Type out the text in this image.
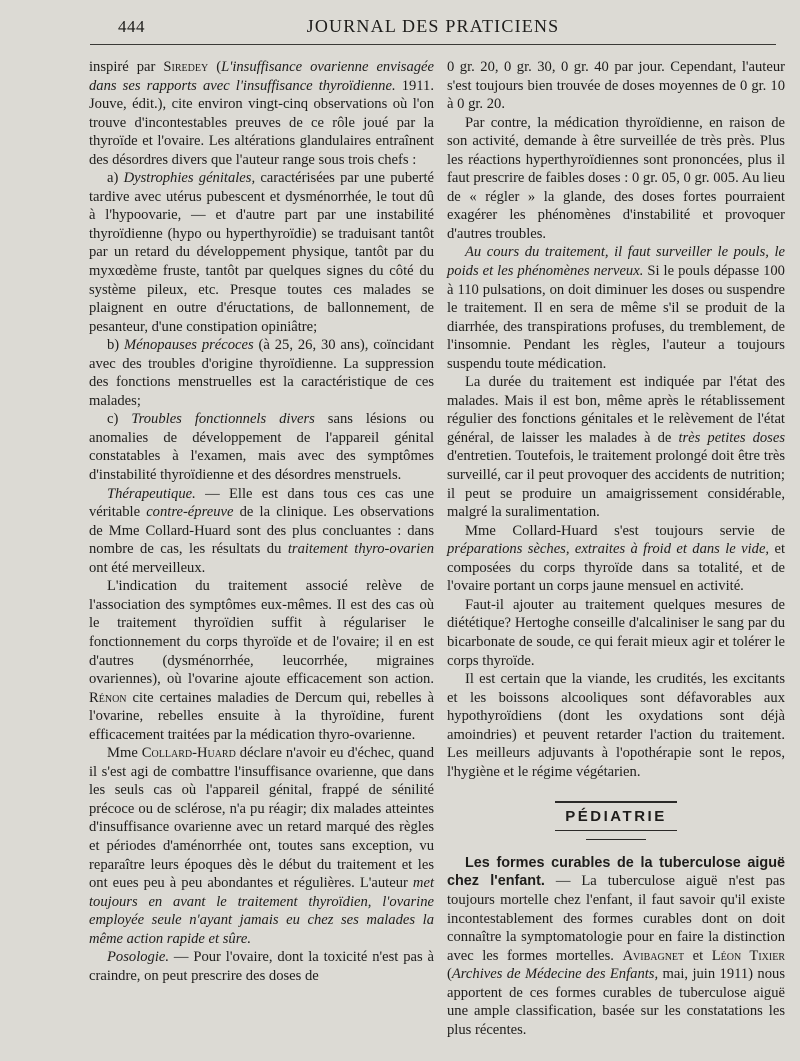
444	JOURNAL DES PRATICIENS

inspiré par Siredey (L'insuffisance ovarienne envisagée dans ses rapports avec l'insuffisance thyroïdienne. 1911. Jouve, édit.), cite environ vingt-cinq observations où l'on trouve d'incontestables preuves de ce rôle joué par la thyroïde et l'ovaire. Les altérations glandulaires entraînent des désordres divers que l'auteur range sous trois chefs :

a) Dystrophies génitales, caractérisées par une puberté tardive avec utérus pubescent et dysménorrhée, le tout dû à l'hypoovarie, — et d'autre part par une instabilité thyroïdienne (hypo ou hyperthyroïdie) se traduisant tantôt par un retard du développement physique, tantôt par du myxœdème fruste, tantôt par quelques signes du côté du système pileux, etc. Presque toutes ces malades se plaignent en outre d'éructations, de ballonnement, de pesanteur, d'une constipation opiniâtre;

b) Ménopauses précoces (à 25, 26, 30 ans), coïncidant avec des troubles d'origine thyroïdienne. La suppression des fonctions menstruelles est la caractéristique de ces malades;

c) Troubles fonctionnels divers sans lésions ou anomalies de développement de l'appareil génital constatables à l'examen, mais avec des symptômes d'instabilité thyroïdienne et des désordres menstruels.

Thérapeutique. — Elle est dans tous ces cas une véritable contre-épreuve de la clinique. Les observations de Mme Collard-Huard sont des plus concluantes : dans nombre de cas, les résultats du traitement thyro-ovarien ont été merveilleux.

L'indication du traitement associé relève de l'association des symptômes eux-mêmes. Il est des cas où le traitement thyroïdien suffit à régulariser le fonctionnement du corps thyroïde et de l'ovaire; il en est d'autres (dysménorrhée, leucorrhée, migraines ovariennes), où l'ovarine ajoute efficacement son action. Rénon cite certaines maladies de Dercum qui, rebelles à l'ovarine, rebelles ensuite à la thyroïdine, furent efficacement traitées par la médication thyro-ovarienne.

Mme Collard-Huard déclare n'avoir eu d'échec, quand il s'est agi de combattre l'insuffisance ovarienne, que dans les seuls cas où l'appareil génital, frappé de sénilité précoce ou de sclérose, n'a pu réagir; dix malades atteintes d'insuffisance ovarienne avec un retard marqué des règles et périodes d'aménorrhée ont, toutes sans exception, vu reparaître leurs époques dès le début du traitement et les ont eues peu à peu abondantes et régulières. L'auteur met toujours en avant le traitement thyroïdien, l'ovarine employée seule n'ayant jamais eu chez ses malades la même action rapide et sûre.

Posologie. — Pour l'ovaire, dont la toxicité n'est pas à craindre, on peut prescrire des doses de

0 gr. 20, 0 gr. 30, 0 gr. 40 par jour. Cependant, l'auteur s'est toujours bien trouvée de doses moyennes de 0 gr. 10 à 0 gr. 20.

Par contre, la médication thyroïdienne, en raison de son activité, demande à être surveillée de très près. Plus les réactions hyperthyroïdiennes sont prononcées, plus il faut prescrire de faibles doses : 0 gr. 05, 0 gr. 005. Au lieu de « régler » la glande, des doses fortes pourraient exagérer les phénomènes d'instabilité et provoquer d'autres troubles.

Au cours du traitement, il faut surveiller le pouls, le poids et les phénomènes nerveux. Si le pouls dépasse 100 à 110 pulsations, on doit diminuer les doses ou suspendre le traitement. Il en sera de même s'il se produit de la diarrhée, des transpirations profuses, du tremblement, de l'insomnie. Pendant les règles, l'auteur a toujours suspendu toute médication.

La durée du traitement est indiquée par l'état des malades. Mais il est bon, même après le rétablissement régulier des fonctions génitales et le relèvement de l'état général, de laisser les malades à de très petites doses d'entretien. Toutefois, le traitement prolongé doit être très surveillé, car il peut provoquer des accidents de nutrition; il peut se produire un amaigrissement considérable, malgré la suralimentation.

Mme Collard-Huard s'est toujours servie de préparations sèches, extraites à froid et dans le vide, et composées du corps thyroïde dans sa totalité, et de l'ovaire portant un corps jaune mensuel en activité.

Faut-il ajouter au traitement quelques mesures de diététique? Hertoghe conseille d'alcaliniser le sang par du bicarbonate de soude, ce qui ferait mieux agir et tolérer le corps thyroïde.

Il est certain que la viande, les crudités, les excitants et les boissons alcooliques sont défavorables aux hypothyroïdiens (dont les oxydations sont déjà amoindries) et peuvent retarder l'action du traitement. Les meilleurs adjuvants à l'opothérapie sont le repos, l'hygiène et le régime végétarien.

PÉDIATRIE

Les formes curables de la tuberculose aiguë chez l'enfant. — La tuberculose aiguë n'est pas toujours mortelle chez l'enfant, il faut savoir qu'il existe incontestablement des formes curables dont on doit connaître la symptomatologie pour en faire la distinction avec les formes mortelles. Avibagnet et Léon Tixier (Archives de Médecine des Enfants, mai, juin 1911) nous apportent de ces formes curables de tuberculose aiguë une ample classification, basée sur les constatations les plus récentes.
